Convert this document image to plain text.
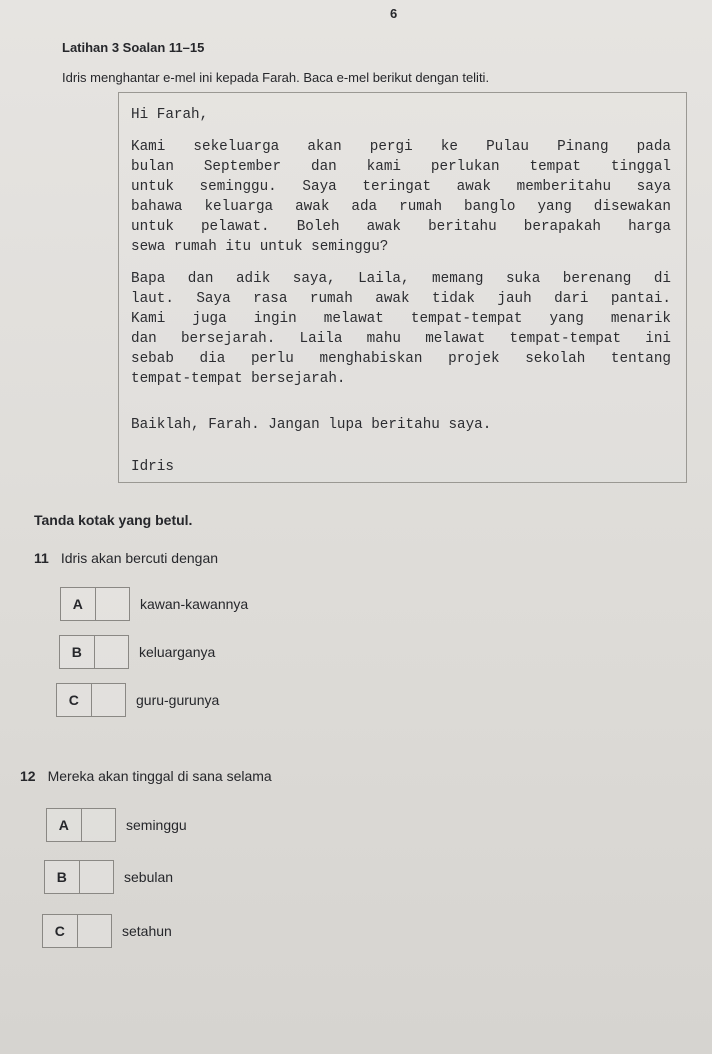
6
Latihan 3 Soalan 11–15
Idris menghantar e-mel ini kepada Farah. Baca e-mel berikut dengan teliti.
Hi Farah,
Kami sekeluarga akan pergi ke Pulau Pinang pada
bulan September dan kami perlukan tempat tinggal
untuk seminggu. Saya teringat awak memberitahu saya
bahawa keluarga awak ada rumah banglo yang disewakan
untuk pelawat. Boleh awak beritahu berapakah harga
sewa rumah itu untuk seminggu?
Bapa dan adik saya, Laila, memang suka berenang di
laut. Saya rasa rumah awak tidak jauh dari pantai.
Kami juga ingin melawat tempat-tempat yang menarik
dan bersejarah. Laila mahu melawat tempat-tempat ini
sebab dia perlu menghabiskan projek sekolah tentang
tempat-tempat bersejarah.
Baiklah, Farah. Jangan lupa beritahu saya.
Idris
Tanda kotak yang betul.
11 Idris akan bercuti dengan
A	kawan-kawannya
B	keluarganya
C	guru-gurunya
12 Mereka akan tinggal di sana selama
A	seminggu
B	sebulan
C	setahun
